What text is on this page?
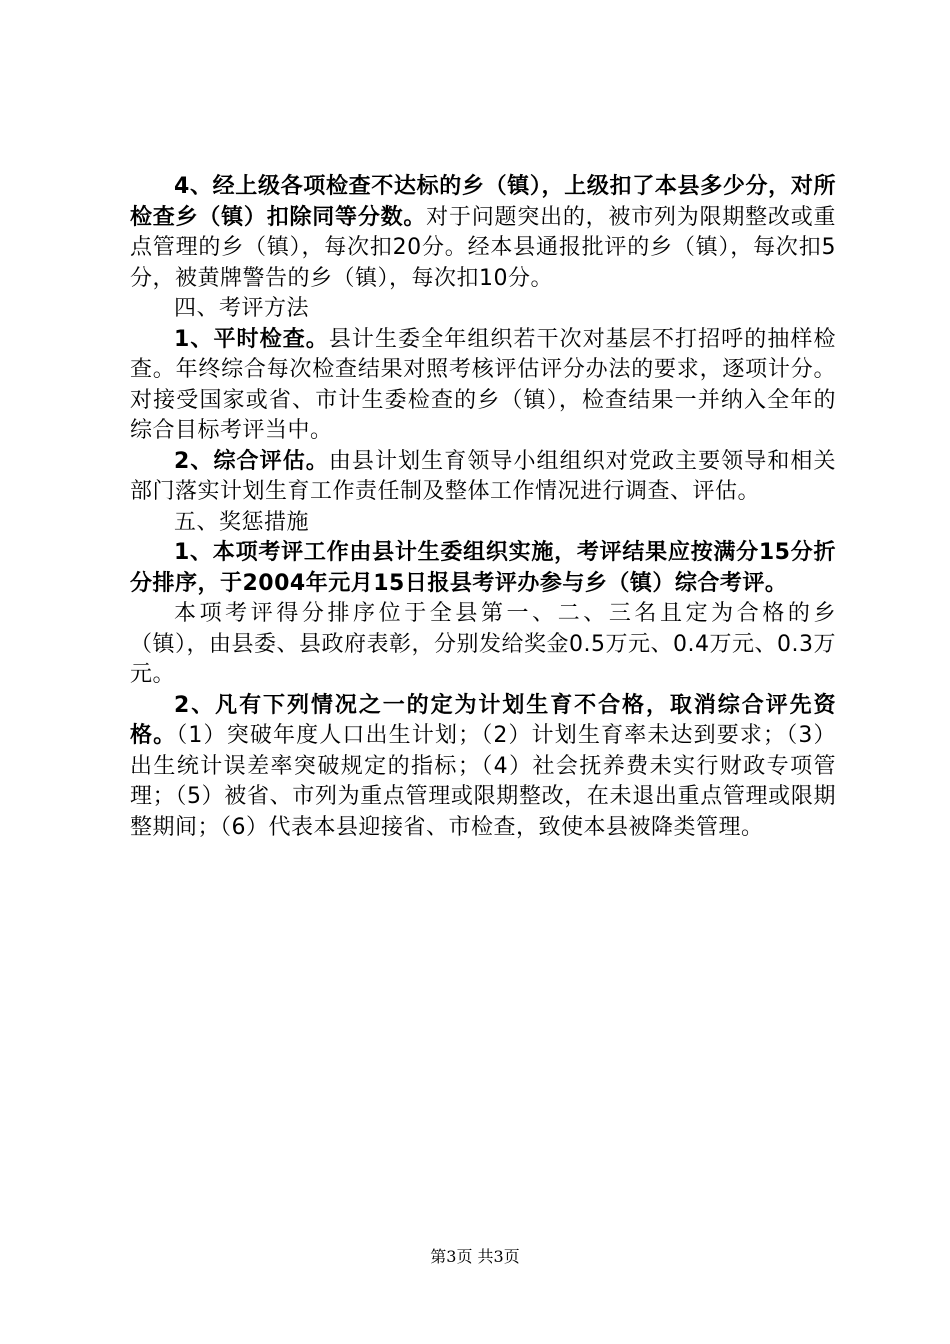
4、经上级各项检查不达标的乡（镇），上级扣了本县多少分，对所检查乡（镇）扣除同等分数。对于问题突出的，被市列为限期整改或重点管理的乡（镇），每次扣20分。经本县通报批评的乡（镇），每次扣5分，被黄牌警告的乡（镇），每次扣10分。

四、考评方法

1、平时检查。县计生委全年组织若干次对基层不打招呼的抽样检查。年终综合每次检查结果对照考核评估评分办法的要求，逐项计分。对接受国家或省、市计生委检查的乡（镇），检查结果一并纳入全年的综合目标考评当中。

2、综合评估。由县计划生育领导小组组织对党政主要领导和相关部门落实计划生育工作责任制及整体工作情况进行调查、评估。

五、奖惩措施

1、本项考评工作由县计生委组织实施，考评结果应按满分15分折分排序，于2004年元月15日报县考评办参与乡（镇）综合考评。

本项考评得分排序位于全县第一、二、三名且定为合格的乡（镇），由县委、县政府表彰，分别发给奖金0.5万元、0.4万元、0.3万元。

2、凡有下列情况之一的定为计划生育不合格，取消综合评先资格。（1）突破年度人口出生计划；（2）计划生育率未达到要求；（3）出生统计误差率突破规定的指标；（4）社会抚养费未实行财政专项管理；（5）被省、市列为重点管理或限期整改，在未退出重点管理或限期整期间；（6）代表本县迎接省、市检查，致使本县被降类管理。

第3页 共3页
